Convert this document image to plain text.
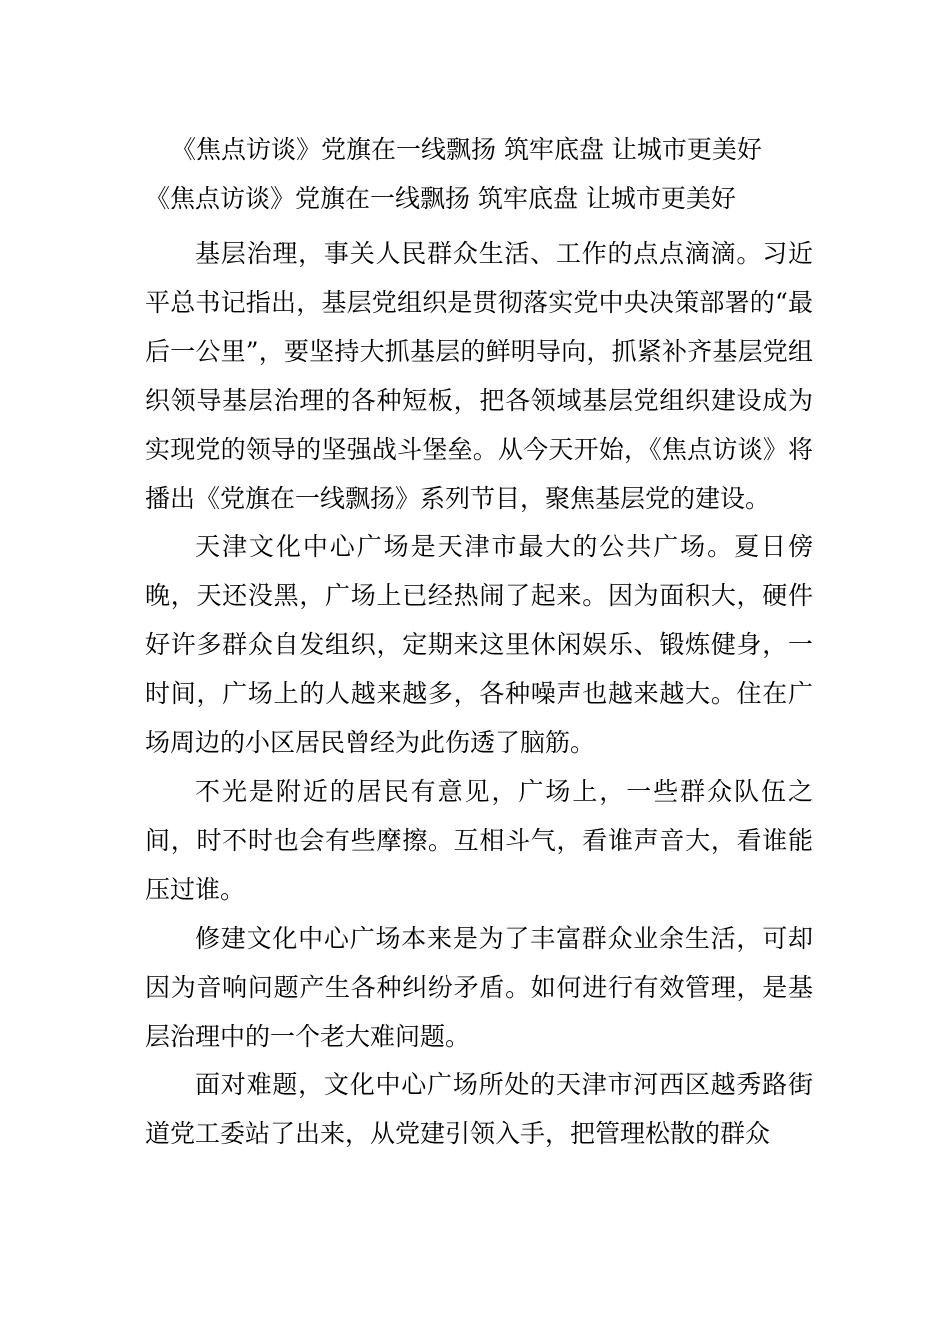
《焦点访谈》党旗在一线飘扬 筑牢底盘 让城市更美好
《焦点访谈》党旗在一线飘扬 筑牢底盘 让城市更美好

基层治理，事关人民群众生活、工作的点点滴滴。习近平总书记指出，基层党组织是贯彻落实党中央决策部署的“最后一公里”，要坚持大抓基层的鲜明导向，抓紧补齐基层党组织领导基层治理的各种短板，把各领域基层党组织建设成为实现党的领导的坚强战斗堡垒。从今天开始，《焦点访谈》将播出《党旗在一线飘扬》系列节目，聚焦基层党的建设。

天津文化中心广场是天津市最大的公共广场。夏日傍晚，天还没黑，广场上已经热闹了起来。因为面积大，硬件好许多群众自发组织，定期来这里休闲娱乐、锻炼健身，一时间，广场上的人越来越多，各种噪声也越来越大。住在广场周边的小区居民曾经为此伤透了脑筋。

不光是附近的居民有意见，广场上，一些群众队伍之间，时不时也会有些摩擦。互相斗气，看谁声音大，看谁能压过谁。

修建文化中心广场本来是为了丰富群众业余生活，可却因为音响问题产生各种纠纷矛盾。如何进行有效管理，是基层治理中的一个老大难问题。

面对难题，文化中心广场所处的天津市河西区越秀路街道党工委站了出来，从党建引领入手，把管理松散的群众
